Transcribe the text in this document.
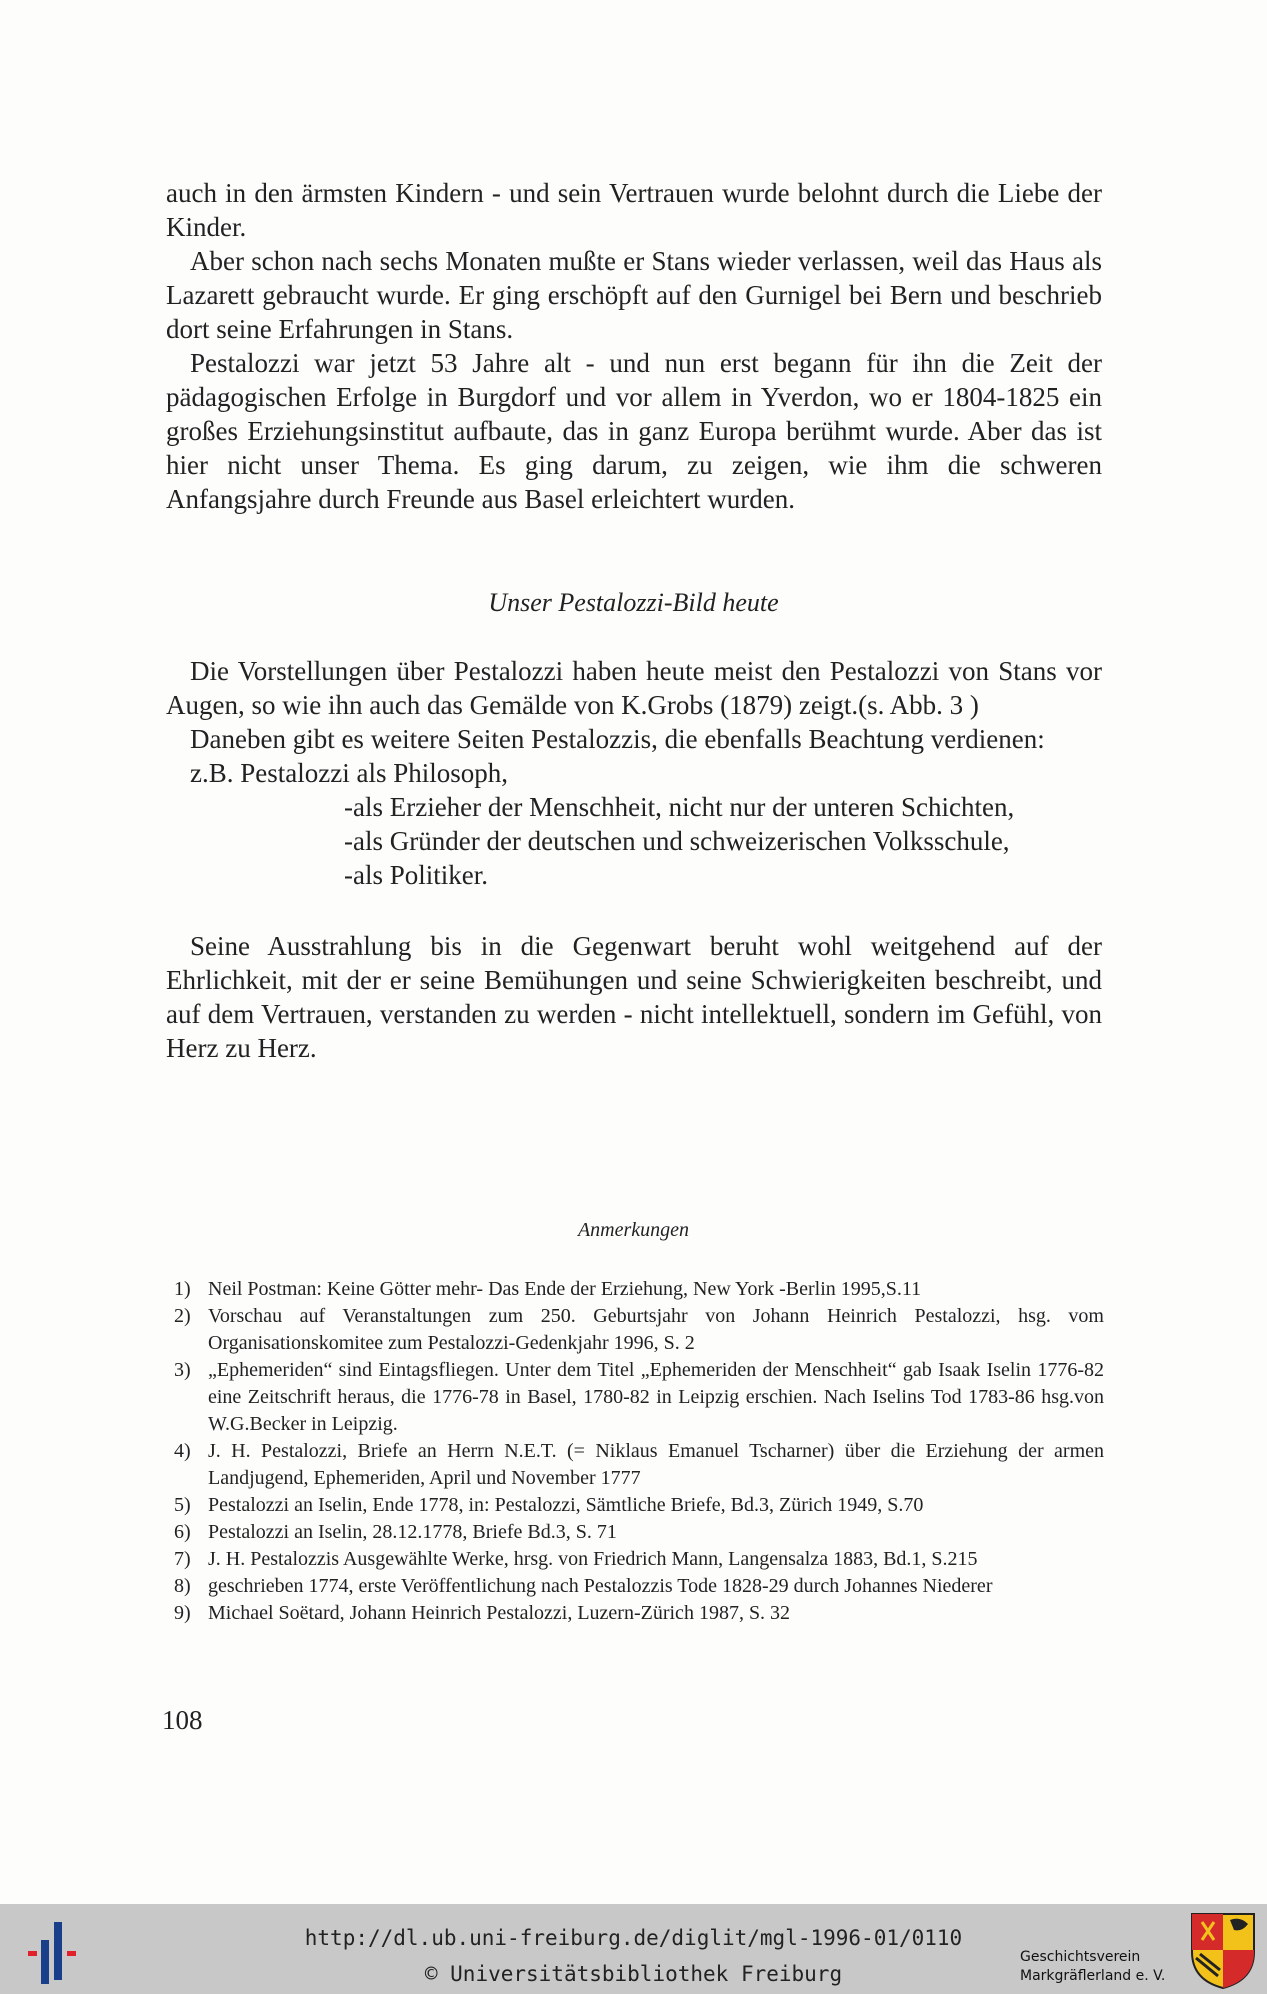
auch in den ärmsten Kindern - und sein Vertrauen wurde belohnt durch die Liebe der Kinder.

Aber schon nach sechs Monaten mußte er Stans wieder verlassen, weil das Haus als Lazarett gebraucht wurde. Er ging erschöpft auf den Gurnigel bei Bern und beschrieb dort seine Erfahrungen in Stans.

Pestalozzi war jetzt 53 Jahre alt - und nun erst begann für ihn die Zeit der pädagogischen Erfolge in Burgdorf und vor allem in Yverdon, wo er 1804-1825 ein großes Erziehungsinstitut aufbaute, das in ganz Europa berühmt wurde. Aber das ist hier nicht unser Thema. Es ging darum, zu zeigen, wie ihm die schweren Anfangsjahre durch Freunde aus Basel erleichtert wurden.

Unser Pestalozzi-Bild heute

Die Vorstellungen über Pestalozzi haben heute meist den Pestalozzi von Stans vor Augen, so wie ihn auch das Gemälde von K.Grobs (1879) zeigt.(s. Abb. 3 )

Daneben gibt es weitere Seiten Pestalozzis, die ebenfalls Beachtung verdienen:

z.B. Pestalozzi als Philosoph,

-als Erzieher der Menschheit, nicht nur der unteren Schichten,
-als Gründer der deutschen und schweizerischen Volksschule,
-als Politiker.

Seine Ausstrahlung bis in die Gegenwart beruht wohl weitgehend auf der Ehrlichkeit, mit der er seine Bemühungen und seine Schwierigkeiten beschreibt, und auf dem Vertrauen, verstanden zu werden - nicht intellektuell, sondern im Gefühl, von Herz zu Herz.

Anmerkungen
1) Neil Postman: Keine Götter mehr- Das Ende der Erziehung, New York -Berlin 1995,S.11
2) Vorschau auf Veranstaltungen zum 250. Geburtsjahr von Johann Heinrich Pestalozzi, hsg. vom Organisationskomitee zum Pestalozzi-Gedenkjahr 1996, S. 2
3) „Ephemeriden“ sind Eintagsfliegen. Unter dem Titel „Ephemeriden der Menschheit“ gab Isaak Iselin 1776-82 eine Zeitschrift heraus, die 1776-78 in Basel, 1780-82 in Leipzig erschien. Nach Iselins Tod 1783-86 hsg.von W.G.Becker in Leipzig.
4) J. H. Pestalozzi, Briefe an Herrn N.E.T. (= Niklaus Emanuel Tscharner) über die Erziehung der armen Landjugend, Ephemeriden, April und November 1777
5) Pestalozzi an Iselin, Ende 1778, in: Pestalozzi, Sämtliche Briefe, Bd.3, Zürich 1949, S.70
6) Pestalozzi an Iselin, 28.12.1778, Briefe Bd.3, S. 71
7) J. H. Pestalozzis Ausgewählte Werke, hrsg. von Friedrich Mann, Langensalza 1883, Bd.1, S.215
8) geschrieben 1774, erste Veröffentlichung nach Pestalozzis Tode 1828-29 durch Johannes Niederer
9) Michael Soëtard, Johann Heinrich Pestalozzi, Luzern-Zürich 1987, S. 32
108
http://dl.ub.uni-freiburg.de/diglit/mgl-1996-01/0110
© Universitätsbibliothek Freiburg
Geschichtsverein
Markgräflerland e. V.
